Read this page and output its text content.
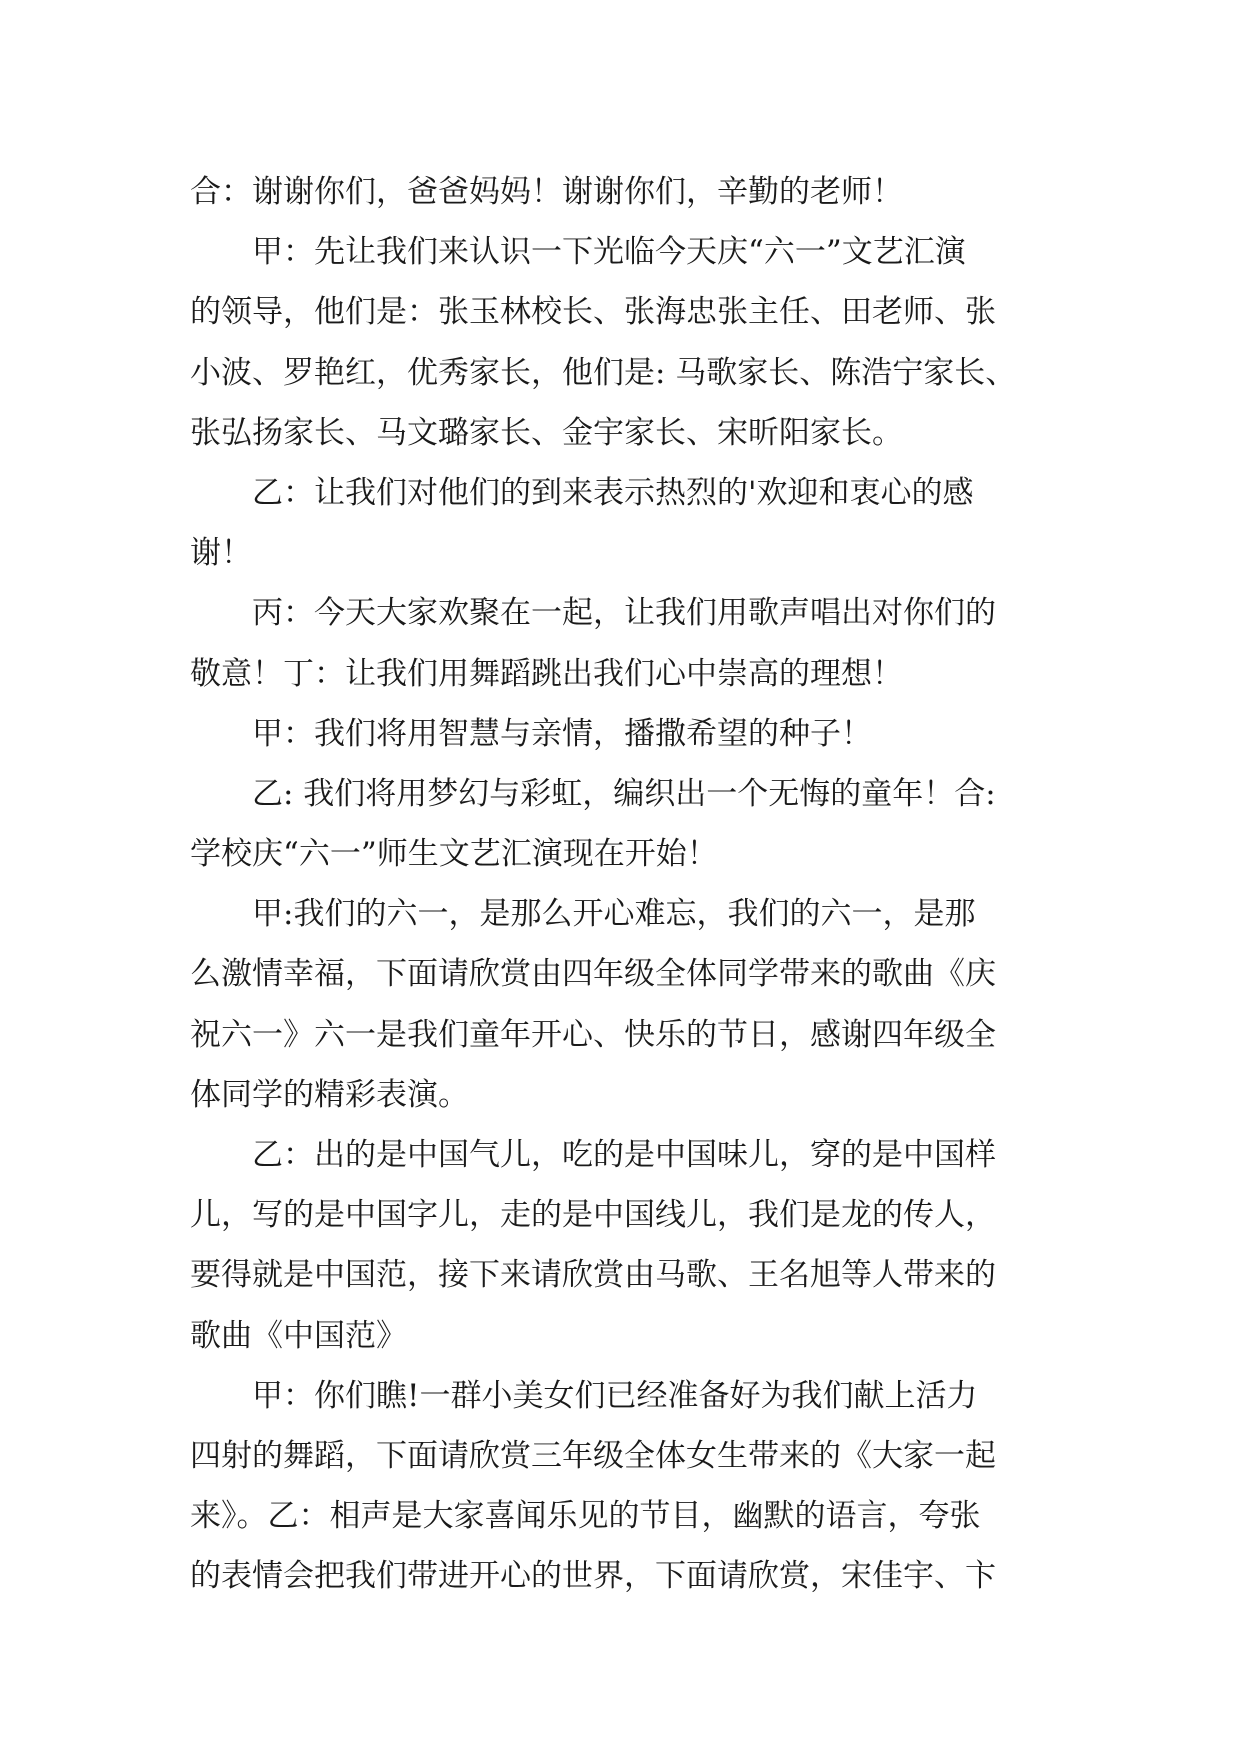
合：谢谢你们，爸爸妈妈！谢谢你们，辛勤的老师！
甲：先让我们来认识一下光临今天庆“六一”文艺汇演
的领导，他们是：张玉林校长、张海忠张主任、田老师、张
小波、罗艳红，优秀家长，他们是: 马歌家长、陈浩宁家长、
张弘扬家长、马文璐家长、金宇家长、宋昕阳家长。
乙：让我们对他们的到来表示热烈的'欢迎和衷心的感
谢！
丙：今天大家欢聚在一起，让我们用歌声唱出对你们的
敬意！丁：让我们用舞蹈跳出我们心中崇高的理想！
甲：我们将用智慧与亲情，播撒希望的种子！
乙: 我们将用梦幻与彩虹，编织出一个无悔的童年！合:
学校庆“六一”师生文艺汇演现在开始！
甲:我们的六一，是那么开心难忘，我们的六一，是那
么激情幸福，下面请欣赏由四年级全体同学带来的歌曲《庆
祝六一》六一是我们童年开心、快乐的节日，感谢四年级全
体同学的精彩表演。
乙：出的是中国气儿，吃的是中国味儿，穿的是中国样
儿，写的是中国字儿，走的是中国线儿，我们是龙的传人，
要得就是中国范，接下来请欣赏由马歌、王名旭等人带来的
歌曲《中国范》
甲：你们瞧!一群小美女们已经准备好为我们献上活力
四射的舞蹈，下面请欣赏三年级全体女生带来的《大家一起
来》。乙：相声是大家喜闻乐见的节目，幽默的语言，夸张
的表情会把我们带进开心的世界，下面请欣赏，宋佳宇、卞
